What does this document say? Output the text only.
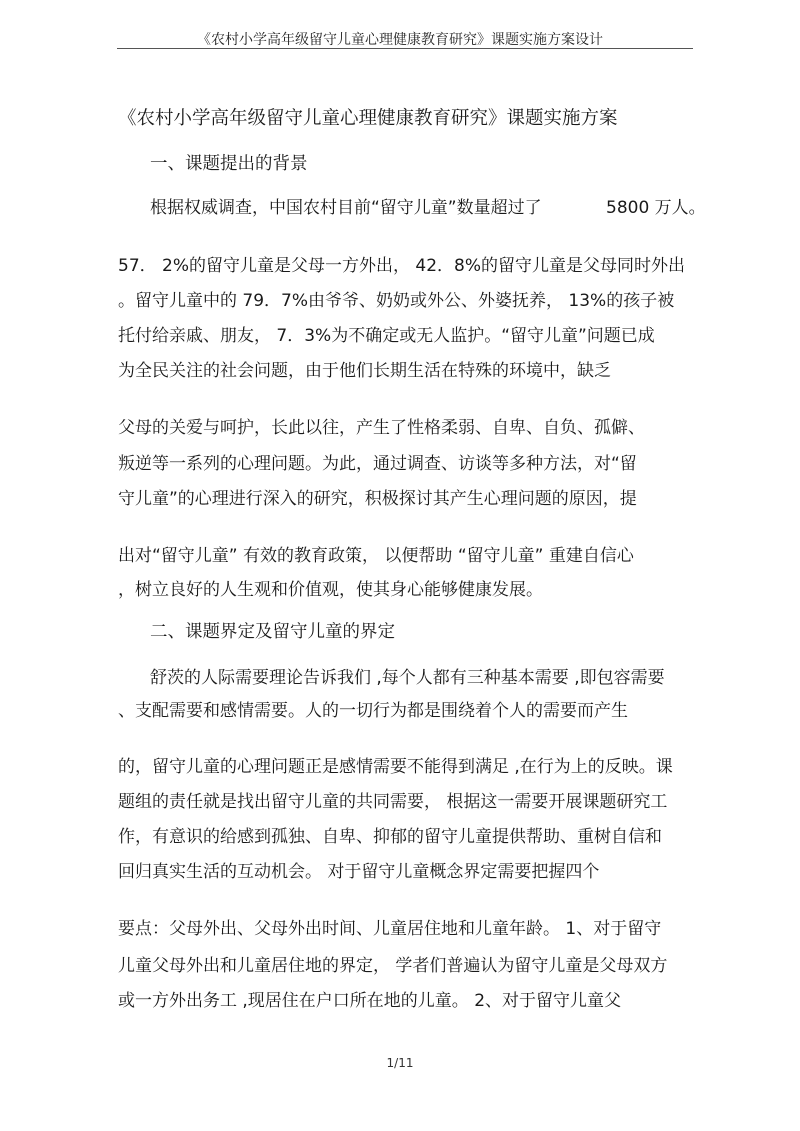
《农村小学高年级留守儿童心理健康教育研究》课题实施方案设计
《农村小学高年级留守儿童心理健康教育研究》课题实施方案
一、课题提出的背景
根据权威调查，中国农村目前“留守儿童”数量超过了	5800 万人。
57． 2%的留守儿童是父母一方外出， 42．8%的留守儿童是父母同时外出
。留守儿童中的 79．7%由爷爷、奶奶或外公、外婆抚养， 13%的孩子被
托付给亲戚、朋友， 7．3%为不确定或无人监护。“留守儿童”问题已成
为全民关注的社会问题，由于他们长期生活在特殊的环境中，缺乏
父母的关爱与呵护，长此以往，产生了性格柔弱、自卑、自负、孤僻、
叛逆等一系列的心理问题。为此，通过调查、访谈等多种方法，对“留
守儿童”的心理进行深入的研究，积极探讨其产生心理问题的原因，提
出对“留守儿童” 有效的教育政策， 以便帮助 “留守儿童” 重建自信心
，树立良好的人生观和价值观，使其身心能够健康发展。
二、课题界定及留守儿童的界定
舒茨的人际需要理论告诉我们 ,每个人都有三种基本需要 ,即包容需要
、支配需要和感情需要。人的一切行为都是围绕着个人的需要而产生
的，留守儿童的心理问题正是感情需要不能得到满足 ,在行为上的反映。课
题组的责任就是找出留守儿童的共同需要， 根据这一需要开展课题研究工
作，有意识的给感到孤独、自卑、抑郁的留守儿童提供帮助、重树自信和
回归真实生活的互动机会。 对于留守儿童概念界定需要把握四个
要点：父母外出、父母外出时间、儿童居住地和儿童年龄。 1、对于留守
儿童父母外出和儿童居住地的界定， 学者们普遍认为留守儿童是父母双方
或一方外出务工 ,现居住在户口所在地的儿童。 2、对于留守儿童父
1/11
